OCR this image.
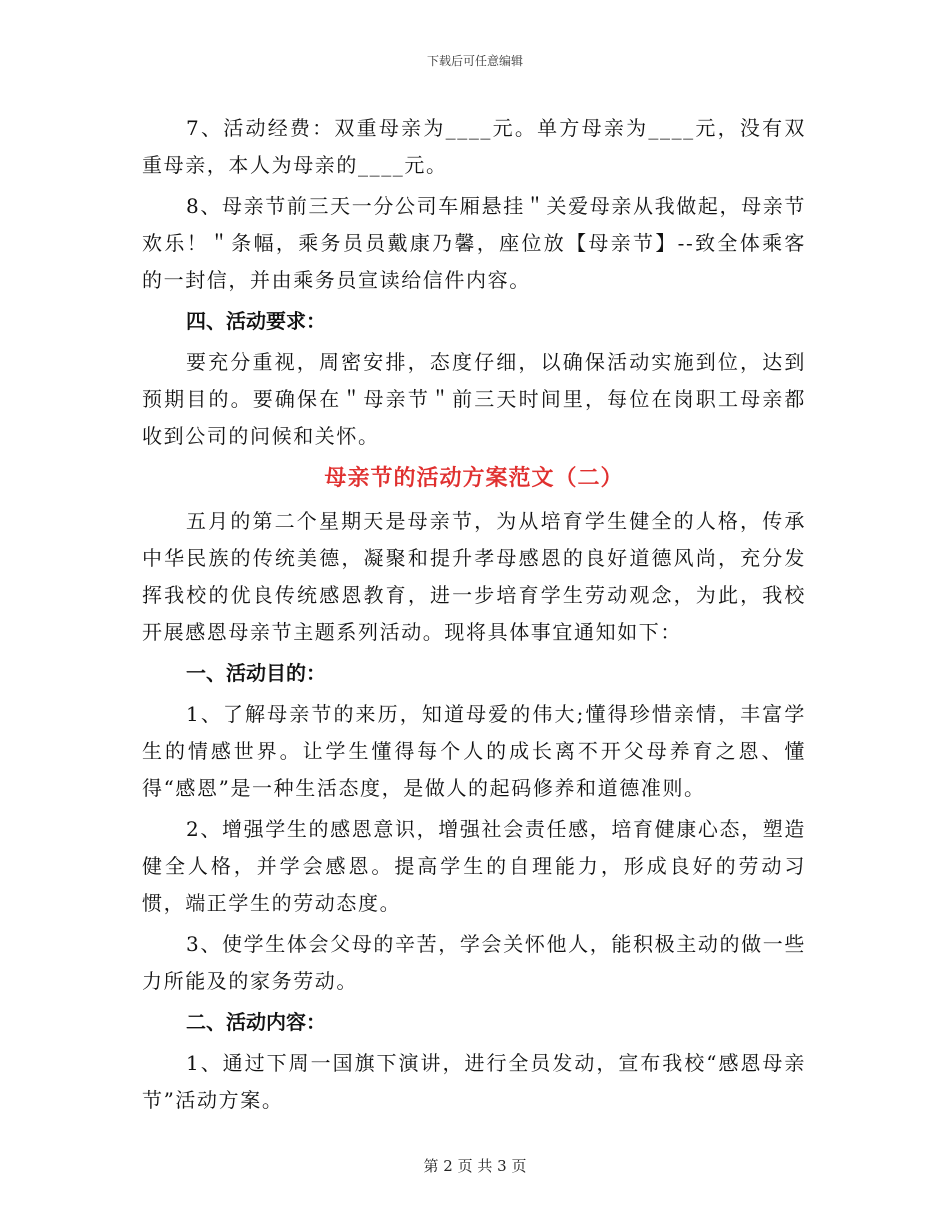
下载后可任意编辑

7、活动经费：双重母亲为____元。单方母亲为____元，没有双重母亲，本人为母亲的____元。

8、母亲节前三天一分公司车厢悬挂＂关爱母亲从我做起，母亲节欢乐！＂条幅，乘务员员戴康乃馨，座位放【母亲节】--致全体乘客的一封信，并由乘务员宣读给信件内容。

四、活动要求：

要充分重视，周密安排，态度仔细，以确保活动实施到位，达到预期目的。要确保在＂母亲节＂前三天时间里，每位在岗职工母亲都收到公司的问候和关怀。

母亲节的活动方案范文（二）

五月的第二个星期天是母亲节，为从培育学生健全的人格，传承中华民族的传统美德，凝聚和提升孝母感恩的良好道德风尚，充分发挥我校的优良传统感恩教育，进一步培育学生劳动观念，为此，我校开展感恩母亲节主题系列活动。现将具体事宜通知如下：

一、活动目的：

1、了解母亲节的来历，知道母爱的伟大;懂得珍惜亲情，丰富学生的情感世界。让学生懂得每个人的成长离不开父母养育之恩、懂得“感恩”是一种生活态度，是做人的起码修养和道德准则。

2、增强学生的感恩意识，增强社会责任感，培育健康心态，塑造健全人格，并学会感恩。提高学生的自理能力，形成良好的劳动习惯，端正学生的劳动态度。

3、使学生体会父母的辛苦，学会关怀他人，能积极主动的做一些力所能及的家务劳动。

二、活动内容：

1、通过下周一国旗下演讲，进行全员发动，宣布我校“感恩母亲节”活动方案。

第 2 页 共 3 页
